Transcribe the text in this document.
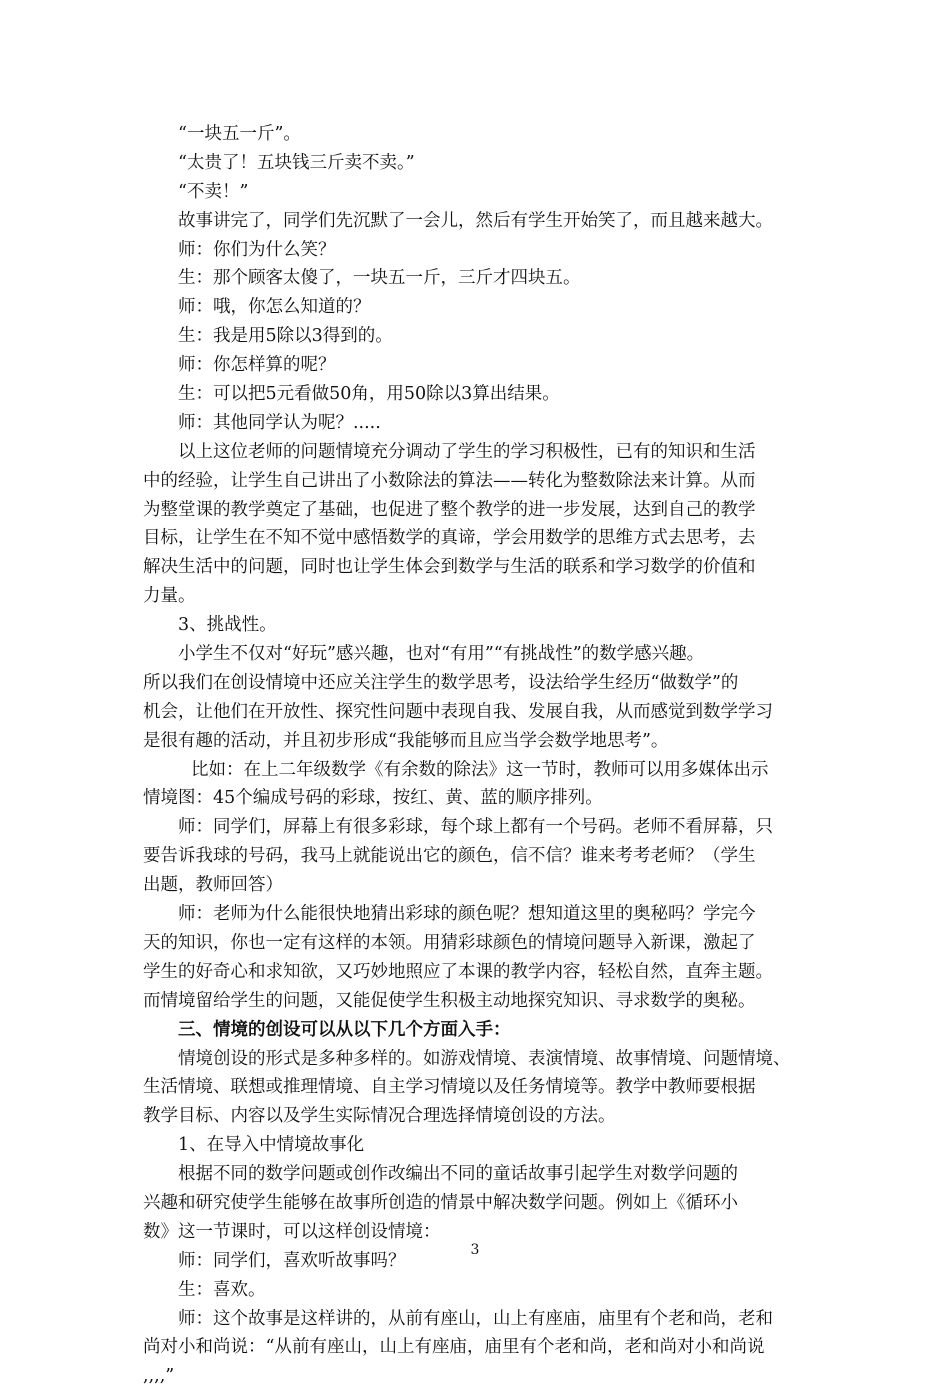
“一块五一斤”。
“太贵了！五块钱三斤卖不卖。”
“不卖！”
故事讲完了，同学们先沉默了一会儿，然后有学生开始笑了，而且越来越大。
师：你们为什么笑？
生：那个顾客太傻了，一块五一斤，三斤才四块五。
师：哦，你怎么知道的？
生：我是用5除以3得到的。
师：你怎样算的呢？
生：可以把5元看做50角，用50除以3算出结果。
师：其他同学认为呢？.....
以上这位老师的问题情境充分调动了学生的学习积极性，已有的知识和生活
中的经验，让学生自己讲出了小数除法的算法——转化为整数除法来计算。从而
为整堂课的教学奠定了基础，也促进了整个教学的进一步发展，达到自己的教学
目标，让学生在不知不觉中感悟数学的真谛，学会用数学的思维方式去思考，去
解决生活中的问题，同时也让学生体会到数学与生活的联系和学习数学的价值和
力量。
3、挑战性。
小学生不仅对“好玩”感兴趣，也对“有用”“有挑战性”的数学感兴趣。
所以我们在创设情境中还应关注学生的数学思考，设法给学生经历“做数学”的
机会，让他们在开放性、探究性问题中表现自我、发展自我，从而感觉到数学学习
是很有趣的活动，并且初步形成“我能够而且应当学会数学地思考”。
比如：在上二年级数学《有余数的除法》这一节时，教师可以用多媒体出示
情境图：45个编成号码的彩球，按红、黄、蓝的顺序排列。
师：同学们，屏幕上有很多彩球，每个球上都有一个号码。老师不看屏幕，只
要告诉我球的号码，我马上就能说出它的颜色，信不信？谁来考考老师？（学生
出题，教师回答）
师：老师为什么能很快地猜出彩球的颜色呢？想知道这里的奥秘吗？学完今
天的知识，你也一定有这样的本领。用猜彩球颜色的情境问题导入新课，激起了
学生的好奇心和求知欲，又巧妙地照应了本课的教学内容，轻松自然，直奔主题。
而情境留给学生的问题，又能促使学生积极主动地探究知识、寻求数学的奥秘。
三、情境的创设可以从以下几个方面入手：
情境创设的形式是多种多样的。如游戏情境、表演情境、故事情境、问题情境、
生活情境、联想或推理情境、自主学习情境以及任务情境等。教学中教师要根据
教学目标、内容以及学生实际情况合理选择情境创设的方法。
1、在导入中情境故事化
根据不同的数学问题或创作改编出不同的童话故事引起学生对数学问题的
兴趣和研究使学生能够在故事所创造的情景中解决数学问题。例如上《循环小
数》这一节课时，可以这样创设情境：
师：同学们，喜欢听故事吗？
生：喜欢。
师：这个故事是这样讲的，从前有座山，山上有座庙，庙里有个老和尚，老和
尚对小和尚说：“从前有座山，山上有座庙，庙里有个老和尚，老和尚对小和尚说
,,,,”
3
